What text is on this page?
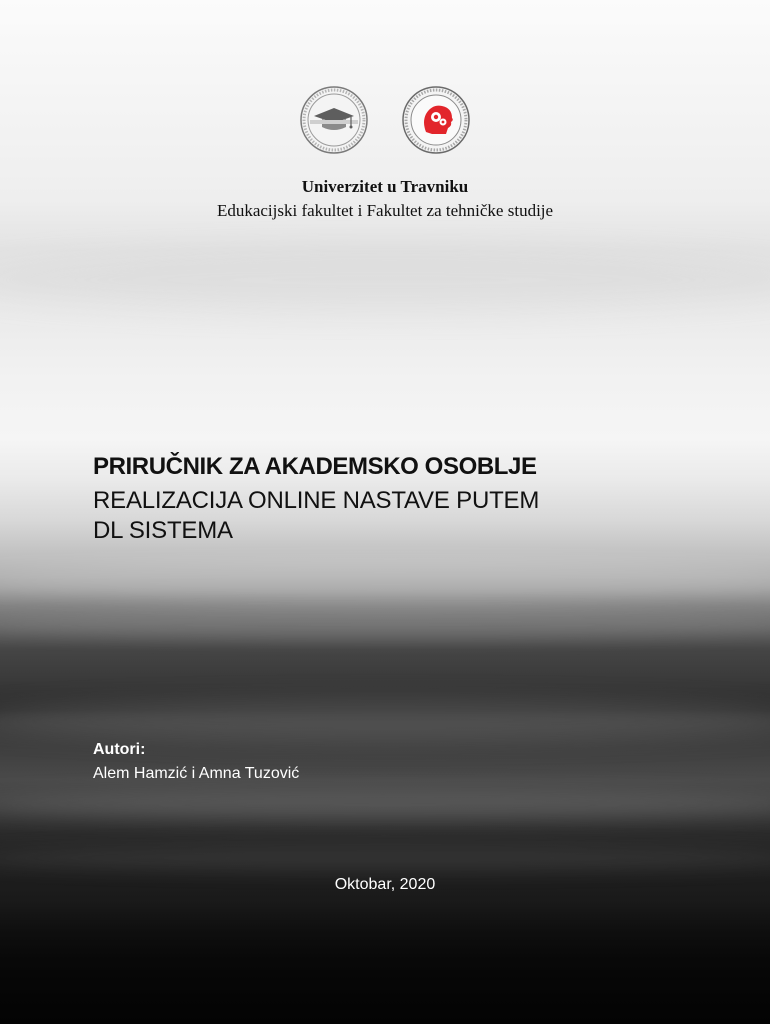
Univerzitet u Travniku
Edukacijski fakultet i Fakultet za tehničke studije
PRIRUČNIK ZA AKADEMSKO OSOBLJE
REALIZACIJA ONLINE NASTAVE PUTEM
DL SISTEMA
Autori:
Alem Hamzić i Amna Tuzović
Oktobar, 2020
